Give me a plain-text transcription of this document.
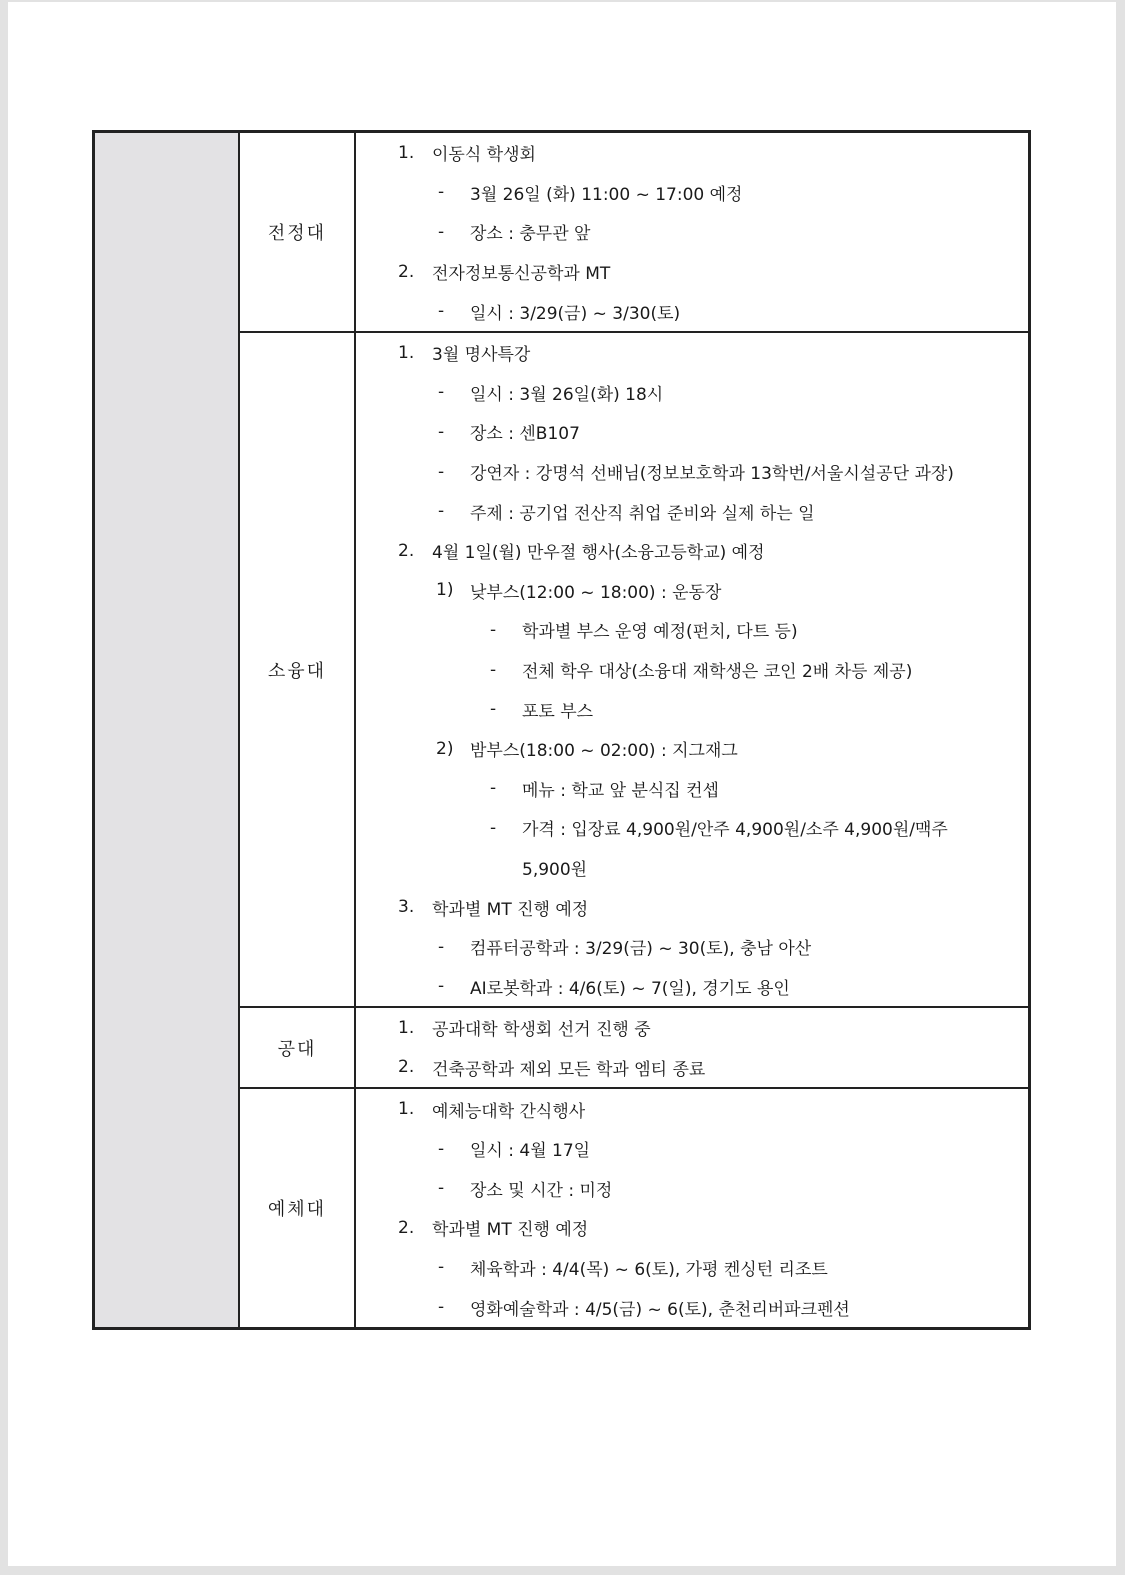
전정대
1. 이동식 학생회
- 3월 26일 (화) 11:00 ~ 17:00 예정
- 장소 : 충무관 앞
2. 전자정보통신공학과 MT
- 일시 : 3/29(금) ~ 3/30(토)
소융대
1. 3월 명사특강
- 일시 : 3월 26일(화) 18시
- 장소 : 센B107
- 강연자 : 강명석 선배님(정보보호학과 13학번/서울시설공단 과장)
- 주제 : 공기업 전산직 취업 준비와 실제 하는 일
2. 4월 1일(월) 만우절 행사(소융고등학교) 예정
1) 낮부스(12:00 ~ 18:00) : 운동장
- 학과별 부스 운영 예정(펀치, 다트 등)
- 전체 학우 대상(소융대 재학생은 코인 2배 차등 제공)
- 포토 부스
2) 밤부스(18:00 ~ 02:00) : 지그재그
- 메뉴 : 학교 앞 분식집 컨셉
- 가격 : 입장료 4,900원/안주 4,900원/소주 4,900원/맥주
5,900원
3. 학과별 MT 진행 예정
- 컴퓨터공학과 : 3/29(금) ~ 30(토), 충남 아산
- AI로봇학과 : 4/6(토) ~ 7(일), 경기도 용인
공대
1. 공과대학 학생회 선거 진행 중
2. 건축공학과 제외 모든 학과 엠티 종료
예체대
1. 예체능대학 간식행사
- 일시 : 4월 17일
- 장소 및 시간 : 미정
2. 학과별 MT 진행 예정
- 체육학과 : 4/4(목) ~ 6(토), 가평 켄싱턴 리조트
- 영화예술학과 : 4/5(금) ~ 6(토), 춘천리버파크펜션
